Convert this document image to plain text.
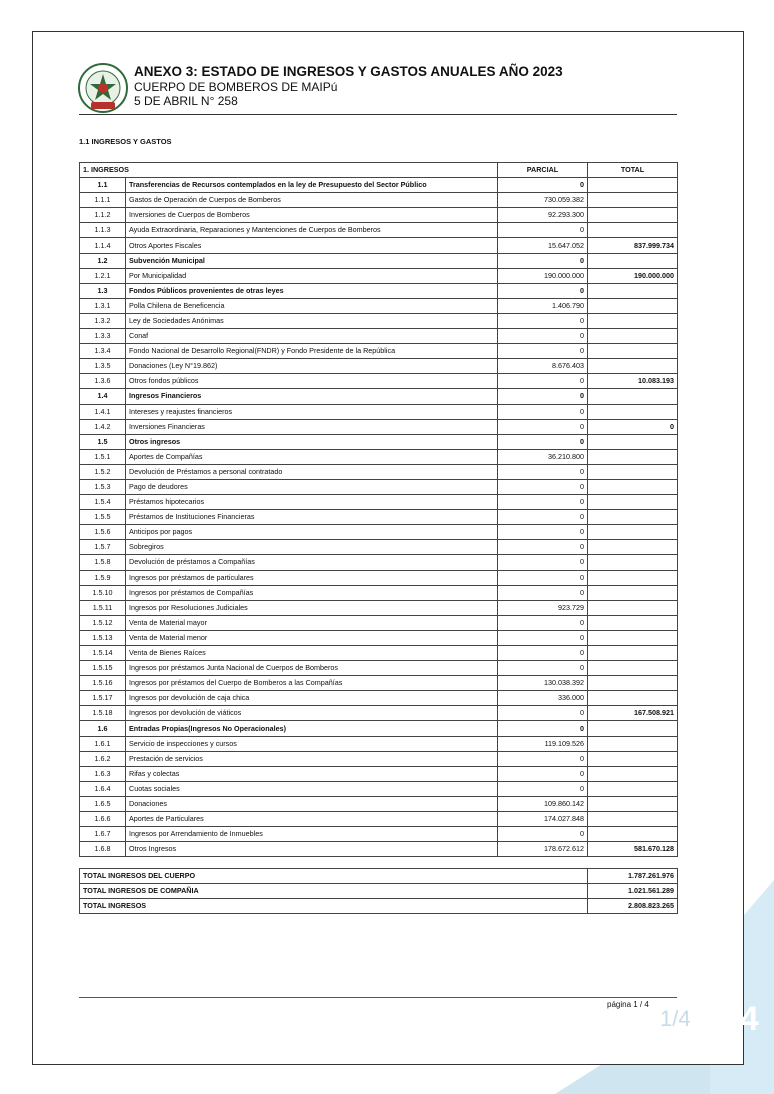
ANEXO 3: ESTADO DE INGRESOS Y GASTOS ANUALES AÑO 2023
CUERPO DE BOMBEROS DE MAIPú
5 DE ABRIL N° 258
1.1 INGRESOS Y GASTOS
1. INGRESOS		PARCIAL	TOTAL
1.1	Transferencias de Recursos contemplados en la ley de Presupuesto del Sector Público	0	
1.1.1	Gastos de Operación de Cuerpos de Bomberos	730.059.382	
1.1.2	Inversiones de Cuerpos de Bomberos	92.293.300	
1.1.3	Ayuda Extraordinaria, Reparaciones y Mantenciones de Cuerpos de Bomberos	0	
1.1.4	Otros Aportes Fiscales	15.647.052	837.999.734
1.2	Subvención Municipal	0	
1.2.1	Por Municipalidad	190.000.000	190.000.000
1.3	Fondos Públicos provenientes de otras leyes	0	
1.3.1	Polla Chilena de Beneficencia	1.406.790	
1.3.2	Ley de Sociedades Anónimas	0	
1.3.3	Conaf	0	
1.3.4	Fondo Nacional de Desarrollo Regional(FNDR) y Fondo Presidente de la República	0	
1.3.5	Donaciones (Ley N°19.862)	8.676.403	
1.3.6	Otros fondos públicos	0	10.083.193
1.4	Ingresos Financieros	0	
1.4.1	Intereses y reajustes financieros	0	
1.4.2	Inversiones Financieras	0	0
1.5	Otros ingresos	0	
1.5.1	Aportes de Compañías	36.210.800	
1.5.2	Devolución de Préstamos a personal contratado	0	
1.5.3	Pago de deudores	0	
1.5.4	Préstamos hipotecarios	0	
1.5.5	Préstamos de Instituciones Financieras	0	
1.5.6	Anticipos por pagos	0	
1.5.7	Sobregiros	0	
1.5.8	Devolución de préstamos a Compañías	0	
1.5.9	Ingresos por préstamos de particulares	0	
1.5.10	Ingresos por préstamos de Compañías	0	
1.5.11	Ingresos por Resoluciones Judiciales	923.729	
1.5.12	Venta de Material mayor	0	
1.5.13	Venta de Material menor	0	
1.5.14	Venta de Bienes Raíces	0	
1.5.15	Ingresos por préstamos Junta Nacional de Cuerpos de Bomberos	0	
1.5.16	Ingresos por préstamos del Cuerpo de Bomberos a las Compañías	130.038.392	
1.5.17	Ingresos por devolución de caja chica	336.000	
1.5.18	Ingresos por devolución de viáticos	0	167.508.921
1.6	Entradas Propias(Ingresos No Operacionales)	0	
1.6.1	Servicio de inspecciones y cursos	119.109.526	
1.6.2	Prestación de servicios	0	
1.6.3	Rifas y colectas	0	
1.6.4	Cuotas sociales	0	
1.6.5	Donaciones	109.860.142	
1.6.6	Aportes de Particulares	174.027.848	
1.6.7	Ingresos por Arrendamiento de Inmuebles	0	
1.6.8	Otros Ingresos	178.672.612	581.670.128
TOTAL INGRESOS DEL CUERPO	1.787.261.976
TOTAL INGRESOS DE COMPAÑIA	1.021.561.289
TOTAL INGRESOS	2.808.823.265
página 1 / 4
1/4 44
